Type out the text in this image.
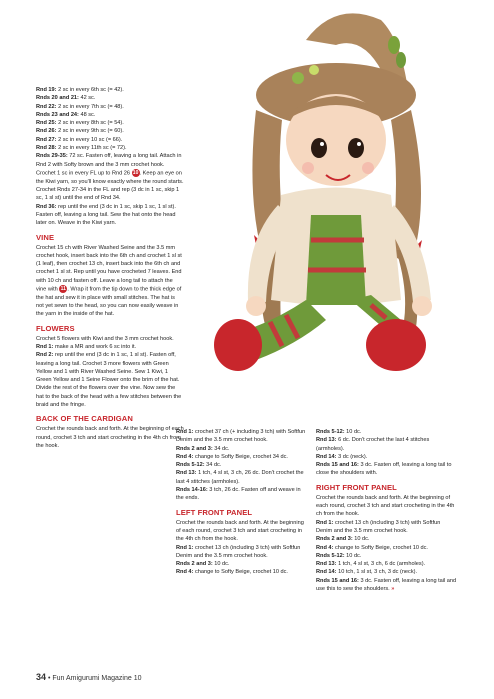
Rnd 19: 2 sc in every 6th sc (= 42).

Rnds 20 and 21: 42 sc.

Rnd 22: 2 sc in every 7th sc (= 48).

Rnds 23 and 24: 48 sc.

Rnd 25: 2 sc in every 8th sc (= 54).

Rnd 26: 2 sc in every 9th sc (= 60).

Rnd 27: 2 sc in every 10 sc (= 66).

Rnd 28: 2 sc in every 11th sc (= 72).

Rnds 29-35: 72 sc. Fasten off, leaving a long tail. Attach in Rnd 2 with Softy brown and the 3 mm crochet hook.

Crochet 1 sc in every FL up to Rnd 26 10. Keep an eye on the Kiwi yarn, so you'll know exactly where the round starts. Crochet Rnds 27-34 in the FL and rep (3 dc in 1 sc, skip 1 sc, 1 sl st) until the end of Rnd 34.

Rnd 36: rep until the end (3 dc in 1 sc, skip 1 sc, 1 sl st). Fasten off, leaving a long tail. Sew the hat onto the head later on. Weave in the Kiwi yarn.

VINE

Crochet 15 ch with River Washed Seine and the 3.5 mm crochet hook, insert back into the 6th ch and crochet 1 sl st (1 leaf), then crochet 13 ch, insert back into the 6th ch and crochet 1 sl st. Rep until you have crocheted 7 leaves. End with 10 ch and fasten off. Leave a long tail to attach the vine with 11. Wrap it from the tip down to the thick edge of the hat and sew it in place with small stitches. The hat is not yet sewn to the head, so you can now easily weave in the yarn in the inside of the hat.

FLOWERS

Crochet 5 flowers with Kiwi and the 3 mm crochet hook.

Rnd 1: make a MR and work 6 sc into it.

Rnd 2: rep until the end (3 dc in 1 sc, 1 sl st). Fasten off, leaving a long tail. Crochet 3 more flowers with Green Yellow and 1 with River Washed Seine. Sew 1 Kiwi, 1 Green Yellow and 1 Seine Flower onto the brim of the hat. Divide the rest of the flowers over the vine. Now sew the hat to the back of the head with a few stitches between the braid and the fringe.

BACK OF THE CARDIGAN

Crochet the rounds back and forth. At the beginning of each round, crochet 3 tch and start crocheting in the 4th ch from the hook.

Rnd 1: crochet 37 ch (+ including 3 tch) with Softfun Denim and the 3.5 mm crochet hook.

Rnds 2 and 3: 34 dc.

Rnd 4: change to Softy Beige, crochet 34 dc.

Rnds 5-12: 34 dc.

Rnd 13: 1 tch, 4 sl st, 3 ch, 26 dc. Don't crochet the last 4 stitches (armholes).

Rnds 14-16: 3 tch, 26 dc. Fasten off and weave in the ends.

LEFT FRONT PANEL

Crochet the rounds back and forth. At the beginning of each round, crochet 3 tch and start crocheting in the 4th ch from the hook.

Rnd 1: crochet 13 ch (including 3 tch) with Softfun Denim and the 3.5 mm crochet hook.

Rnds 2 and 3: 10 dc.

Rnd 4: change to Softy Beige, crochet 10 dc.

Rnds 5-12: 10 dc.

Rnd 13: 6 dc. Don't crochet the last 4 stitches (armholes).

Rnd 14: 3 dc (neck).

Rnds 15 and 16: 3 dc. Fasten off, leaving a long tail to close the shoulders with.

RIGHT FRONT PANEL

Crochet the rounds back and forth. At the beginning of each round, crochet 3 tch and start crocheting in the 4th ch from the hook.

Rnd 1: crochet 13 ch (including 3 tch) with Softfun Denim and the 3.5 mm crochet hook.

Rnds 2 and 3: 10 dc.

Rnd 4: change to Softy Beige, crochet 10 dc.

Rnds 5-12: 10 dc.

Rnd 13: 1 tch, 4 sl st, 3 ch, 6 dc (armholes).

Rnd 14: 10 tch, 1 sl st, 3 ch, 3 dc (neck).

Rnds 15 and 16: 3 dc. Fasten off, leaving a long tail and use this to sew the shoulders. »

34 • Fun Amigurumi Magazine 10
